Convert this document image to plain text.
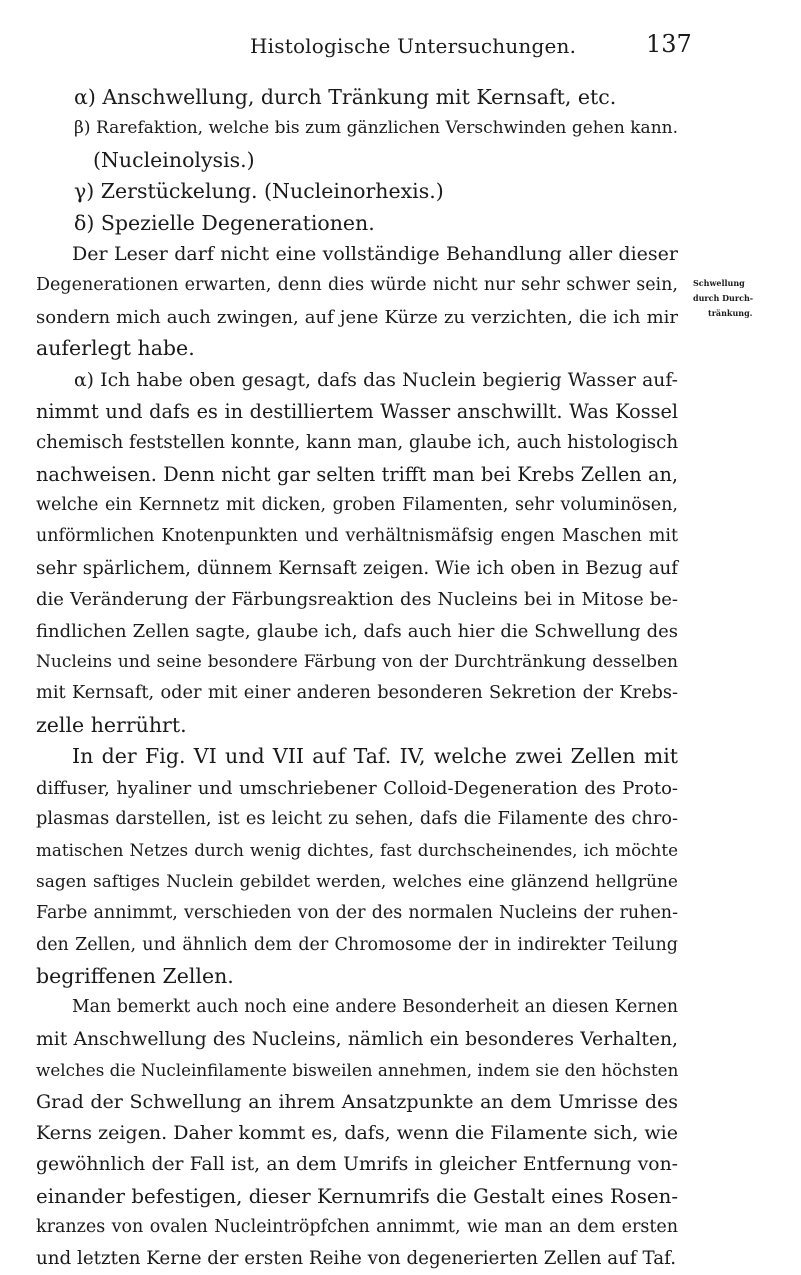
Histologische Untersuchungen.	137
Schwellung
durch Durch-
tränkung.
α) Anschwellung, durch Tränkung mit Kernsaft, etc.
β) Rarefaktion, welche bis zum gänzlichen Verschwinden gehen kann.
(Nucleinolysis.)
γ) Zerstückelung. (Nucleinorhexis.)
δ) Spezielle Degenerationen.
Der Leser darf nicht eine vollständige Behandlung aller dieser
Degenerationen erwarten, denn dies würde nicht nur sehr schwer sein,
sondern mich auch zwingen, auf jene Kürze zu verzichten, die ich mir
auferlegt habe.
α) Ich habe oben gesagt, dafs das Nuclein begierig Wasser auf-
nimmt und dafs es in destilliertem Wasser anschwillt. Was Kossel
chemisch feststellen konnte, kann man, glaube ich, auch histologisch
nachweisen. Denn nicht gar selten trifft man bei Krebs Zellen an,
welche ein Kernnetz mit dicken, groben Filamenten, sehr voluminösen,
unförmlichen Knotenpunkten und verhältnismäfsig engen Maschen mit
sehr spärlichem, dünnem Kernsaft zeigen. Wie ich oben in Bezug auf
die Veränderung der Färbungsreaktion des Nucleins bei in Mitose be-
findlichen Zellen sagte, glaube ich, dafs auch hier die Schwellung des
Nucleins und seine besondere Färbung von der Durchtränkung desselben
mit Kernsaft, oder mit einer anderen besonderen Sekretion der Krebs-
zelle herrührt.
In der Fig. VI und VII auf Taf. IV, welche zwei Zellen mit
diffuser, hyaliner und umschriebener Colloid-Degeneration des Proto-
plasmas darstellen, ist es leicht zu sehen, dafs die Filamente des chro-
matischen Netzes durch wenig dichtes, fast durchscheinendes, ich möchte
sagen saftiges Nuclein gebildet werden, welches eine glänzend hellgrüne
Farbe annimmt, verschieden von der des normalen Nucleins der ruhen-
den Zellen, und ähnlich dem der Chromosome der in indirekter Teilung
begriffenen Zellen.
Man bemerkt auch noch eine andere Besonderheit an diesen Kernen
mit Anschwellung des Nucleins, nämlich ein besonderes Verhalten,
welches die Nucleinfilamente bisweilen annehmen, indem sie den höchsten
Grad der Schwellung an ihrem Ansatzpunkte an dem Umrisse des
Kerns zeigen. Daher kommt es, dafs, wenn die Filamente sich, wie
gewöhnlich der Fall ist, an dem Umrifs in gleicher Entfernung von-
einander befestigen, dieser Kernumrifs die Gestalt eines Rosen-
kranzes von ovalen Nucleintröpfchen annimmt, wie man an dem ersten
und letzten Kerne der ersten Reihe von degenerierten Zellen auf Taf.
